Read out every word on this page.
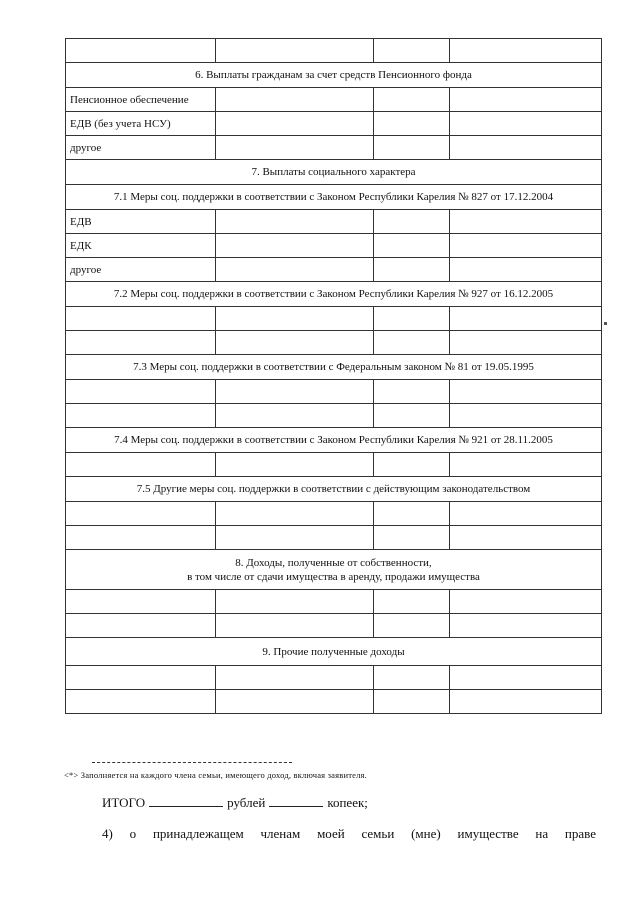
6. Выплаты гражданам за счет средств Пенсионного фонда			
Пенсионное обеспечение			
ЕДВ (без учета НСУ)			
другое			
7. Выплаты социального характера			
7.1 Меры соц. поддержки в соответствии с Законом Республики Карелия № 827 от 17.12.2004			
ЕДВ			
ЕДК			
другое			
7.2 Меры соц. поддержки в соответствии с Законом Республики Карелия № 927 от 16.12.2005			

7.3 Меры соц. поддержки в соответствии с Федеральным законом № 81 от 19.05.1995			

7.4 Меры соц. поддержки в соответствии с Законом Республики Карелия № 921 от 28.11.2005			

7.5 Другие меры соц. поддержки в соответствии с действующим законодательством			

8. Доходы, полученные от собственности,
в том числе от сдачи имущества в аренду, продажи имущества			

9. Прочие полученные доходы			

<*> Заполняется на каждого члена семьи, имеющего доход, включая заявителя.
ИТОГО	рублей	копеек;
4) о принадлежащем членам моей семьи (мне) имуществе на праве
